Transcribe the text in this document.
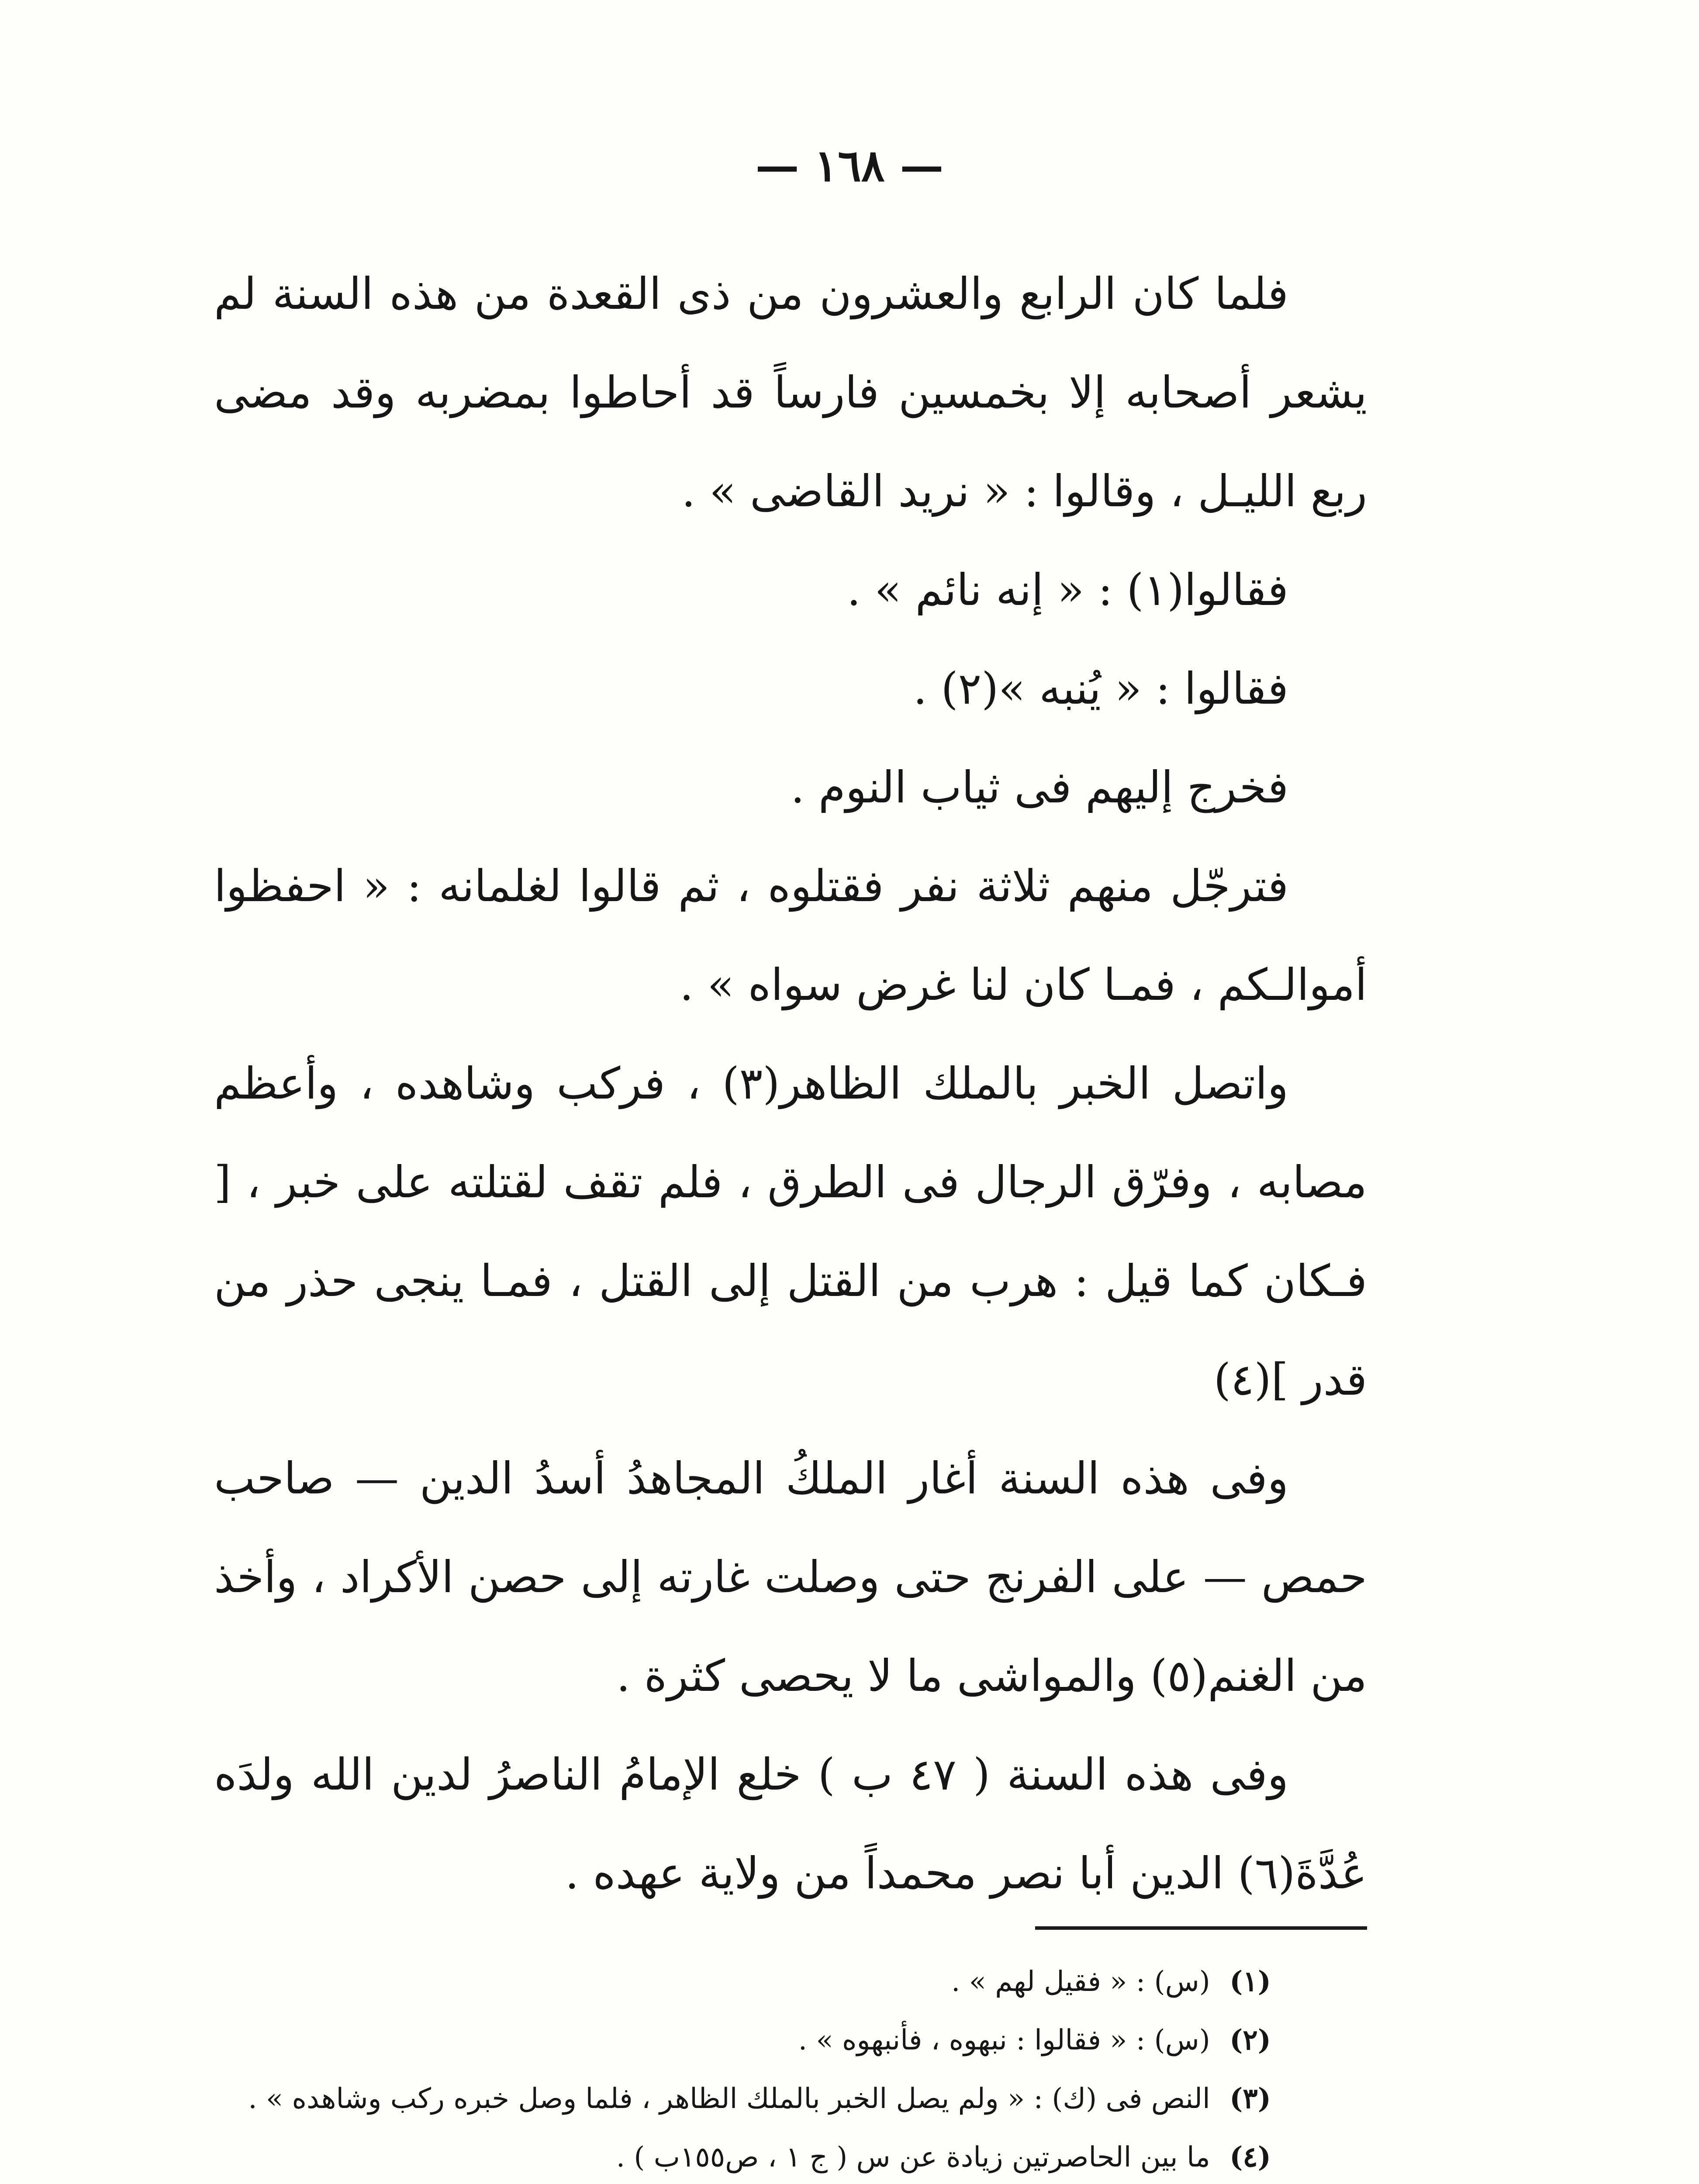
— ١٦٨ —

فلما كان الرابع والعشرون من ذى القعدة من هذه السنة لم يشعر أصحابه إلا بخمسين فارساً قد أحاطوا بمضربه وقد مضى ربع الليـل ، وقالوا : « نريد القاضى » .

فقالوا(١) : « إنه نائم » .

فقالوا : « يُنبه »(٢) .

فخرج إليهم فى ثياب النوم .

فترجّل منهم ثلاثة نفر فقتلوه ، ثم قالوا لغلمانه : « احفظوا أموالـكم ، فمـا كان لنا غرض سواه » .

واتصل الخبر بالملك الظاهر(٣) ، فركب وشاهده ، وأعظم مصابه ، وفرّق الرجال فى الطرق ، فلم تقف لقتلته على خبر ، [ فـكان كما قيل : هرب من القتل إلى القتل ، فمـا ينجى حذر من قدر ](٤)

وفى هذه السنة أغار الملكُ المجاهدُ أسدُ الدين — صاحب حمص — على الفرنج حتى وصلت غارته إلى حصن الأكراد ، وأخذ من الغنم(٥) والمواشى ما لا يحصى كثرة .

وفى هذه السنة ( ٤٧ ب ) خلع الإمامُ الناصرُ لدين الله ولدَه عُدَّةَ(٦) الدين أبا نصر محمداً من ولاية عهده .

(١) (س) : « فقيل لهم » .
(٢) (س) : « فقالوا : نبهوه ، فأنبهوه » .
(٣) النص فى (ك) : « ولم يصل الخبر بالملك الظاهر ، فلما وصل خبره ركب وشاهده » .
(٤) ما بين الحاصرتين زيادة عن س ( ج ١ ، ص١٥٥ب ) .
